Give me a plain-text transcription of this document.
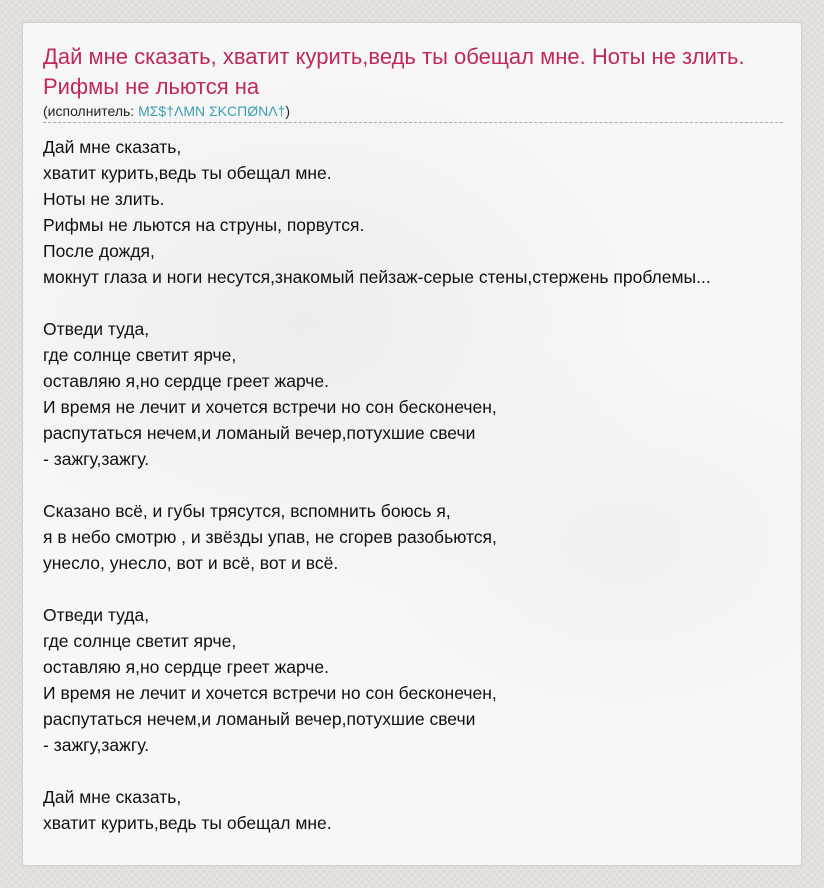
Дай мне сказать, хватит курить,ведь ты обещал мне. Ноты не злить. Рифмы не льются на
(исполнитель: ΜΣ$†ΛΜΝ ΣΚCΠØΝΛ†)
Дай мне сказать,
хватит курить,ведь ты обещал мне.
Ноты не злить.
Рифмы не льются на струны, порвутся.
После дождя,
мокнут глаза и ноги несутся,знакомый пейзаж-серые стены,стержень проблемы...
Отведи туда,
где солнце светит ярче,
оставляю я,но сердце греет жарче.
И время не лечит и хочется встречи но сон бесконечен,
распутаться нечем,и ломаный вечер,потухшие свечи
- зажгу,зажгу.
Сказано всё, и губы трясутся, вспомнить боюсь я,
я в небо смотрю , и звёзды упав, не сгорев разобьются,
унесло, унесло, вот и всё, вот и всё.
Отведи туда,
где солнце светит ярче,
оставляю я,но сердце греет жарче.
И время не лечит и хочется встречи но сон бесконечен,
распутаться нечем,и ломаный вечер,потухшие свечи
- зажгу,зажгу.
Дай мне сказать,
хватит курить,ведь ты обещал мне.
